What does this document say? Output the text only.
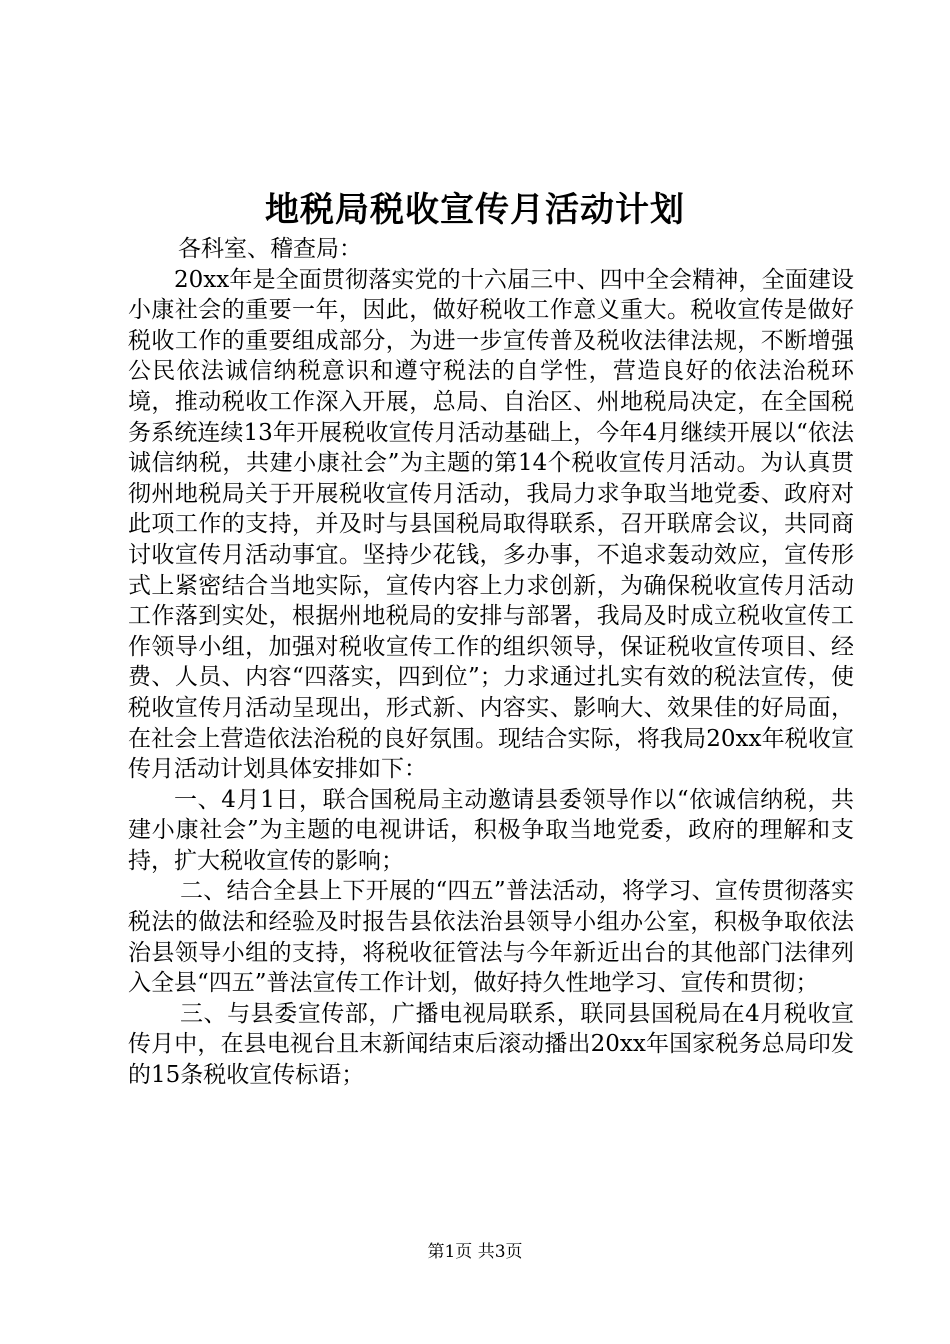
地税局税收宣传月活动计划

各科室、稽查局：

20xx年是全面贯彻落实党的十六届三中、四中全会精神，全面建设小康社会的重要一年，因此，做好税收工作意义重大。税收宣传是做好税收工作的重要组成部分，为进一步宣传普及税收法律法规，不断增强公民依法诚信纳税意识和遵守税法的自学性，营造良好的依法治税环境，推动税收工作深入开展，总局、自治区、州地税局决定，在全国税务系统连续13年开展税收宣传月活动基础上，今年4月继续开展以“依法诚信纳税，共建小康社会”为主题的第14个税收宣传月活动。为认真贯彻州地税局关于开展税收宣传月活动，我局力求争取当地党委、政府对此项工作的支持，并及时与县国税局取得联系，召开联席会议，共同商讨收宣传月活动事宜。坚持少花钱，多办事，不追求轰动效应，宣传形式上紧密结合当地实际，宣传内容上力求创新，为确保税收宣传月活动工作落到实处，根据州地税局的安排与部署，我局及时成立税收宣传工作领导小组，加强对税收宣传工作的组织领导，保证税收宣传项目、经费、人员、内容“四落实，四到位”；力求通过扎实有效的税法宣传，使税收宣传月活动呈现出，形式新、内容实、影响大、效果佳的好局面，在社会上营造依法治税的良好氛围。现结合实际，将我局20xx年税收宣传月活动计划具体安排如下：

一、4月1日，联合国税局主动邀请县委领导作以“依诚信纳税，共建小康社会”为主题的电视讲话，积极争取当地党委，政府的理解和支持，扩大税收宣传的影响；

二、结合全县上下开展的“四五”普法活动，将学习、宣传贯彻落实税法的做法和经验及时报告县依法治县领导小组办公室，积极争取依法治县领导小组的支持，将税收征管法与今年新近出台的其他部门法律列入全县“四五”普法宣传工作计划，做好持久性地学习、宣传和贯彻；

三、与县委宣传部，广播电视局联系，联同县国税局在4月税收宣传月中，在县电视台且末新闻结束后滚动播出20xx年国家税务总局印发的15条税收宣传标语；

第1页 共3页
